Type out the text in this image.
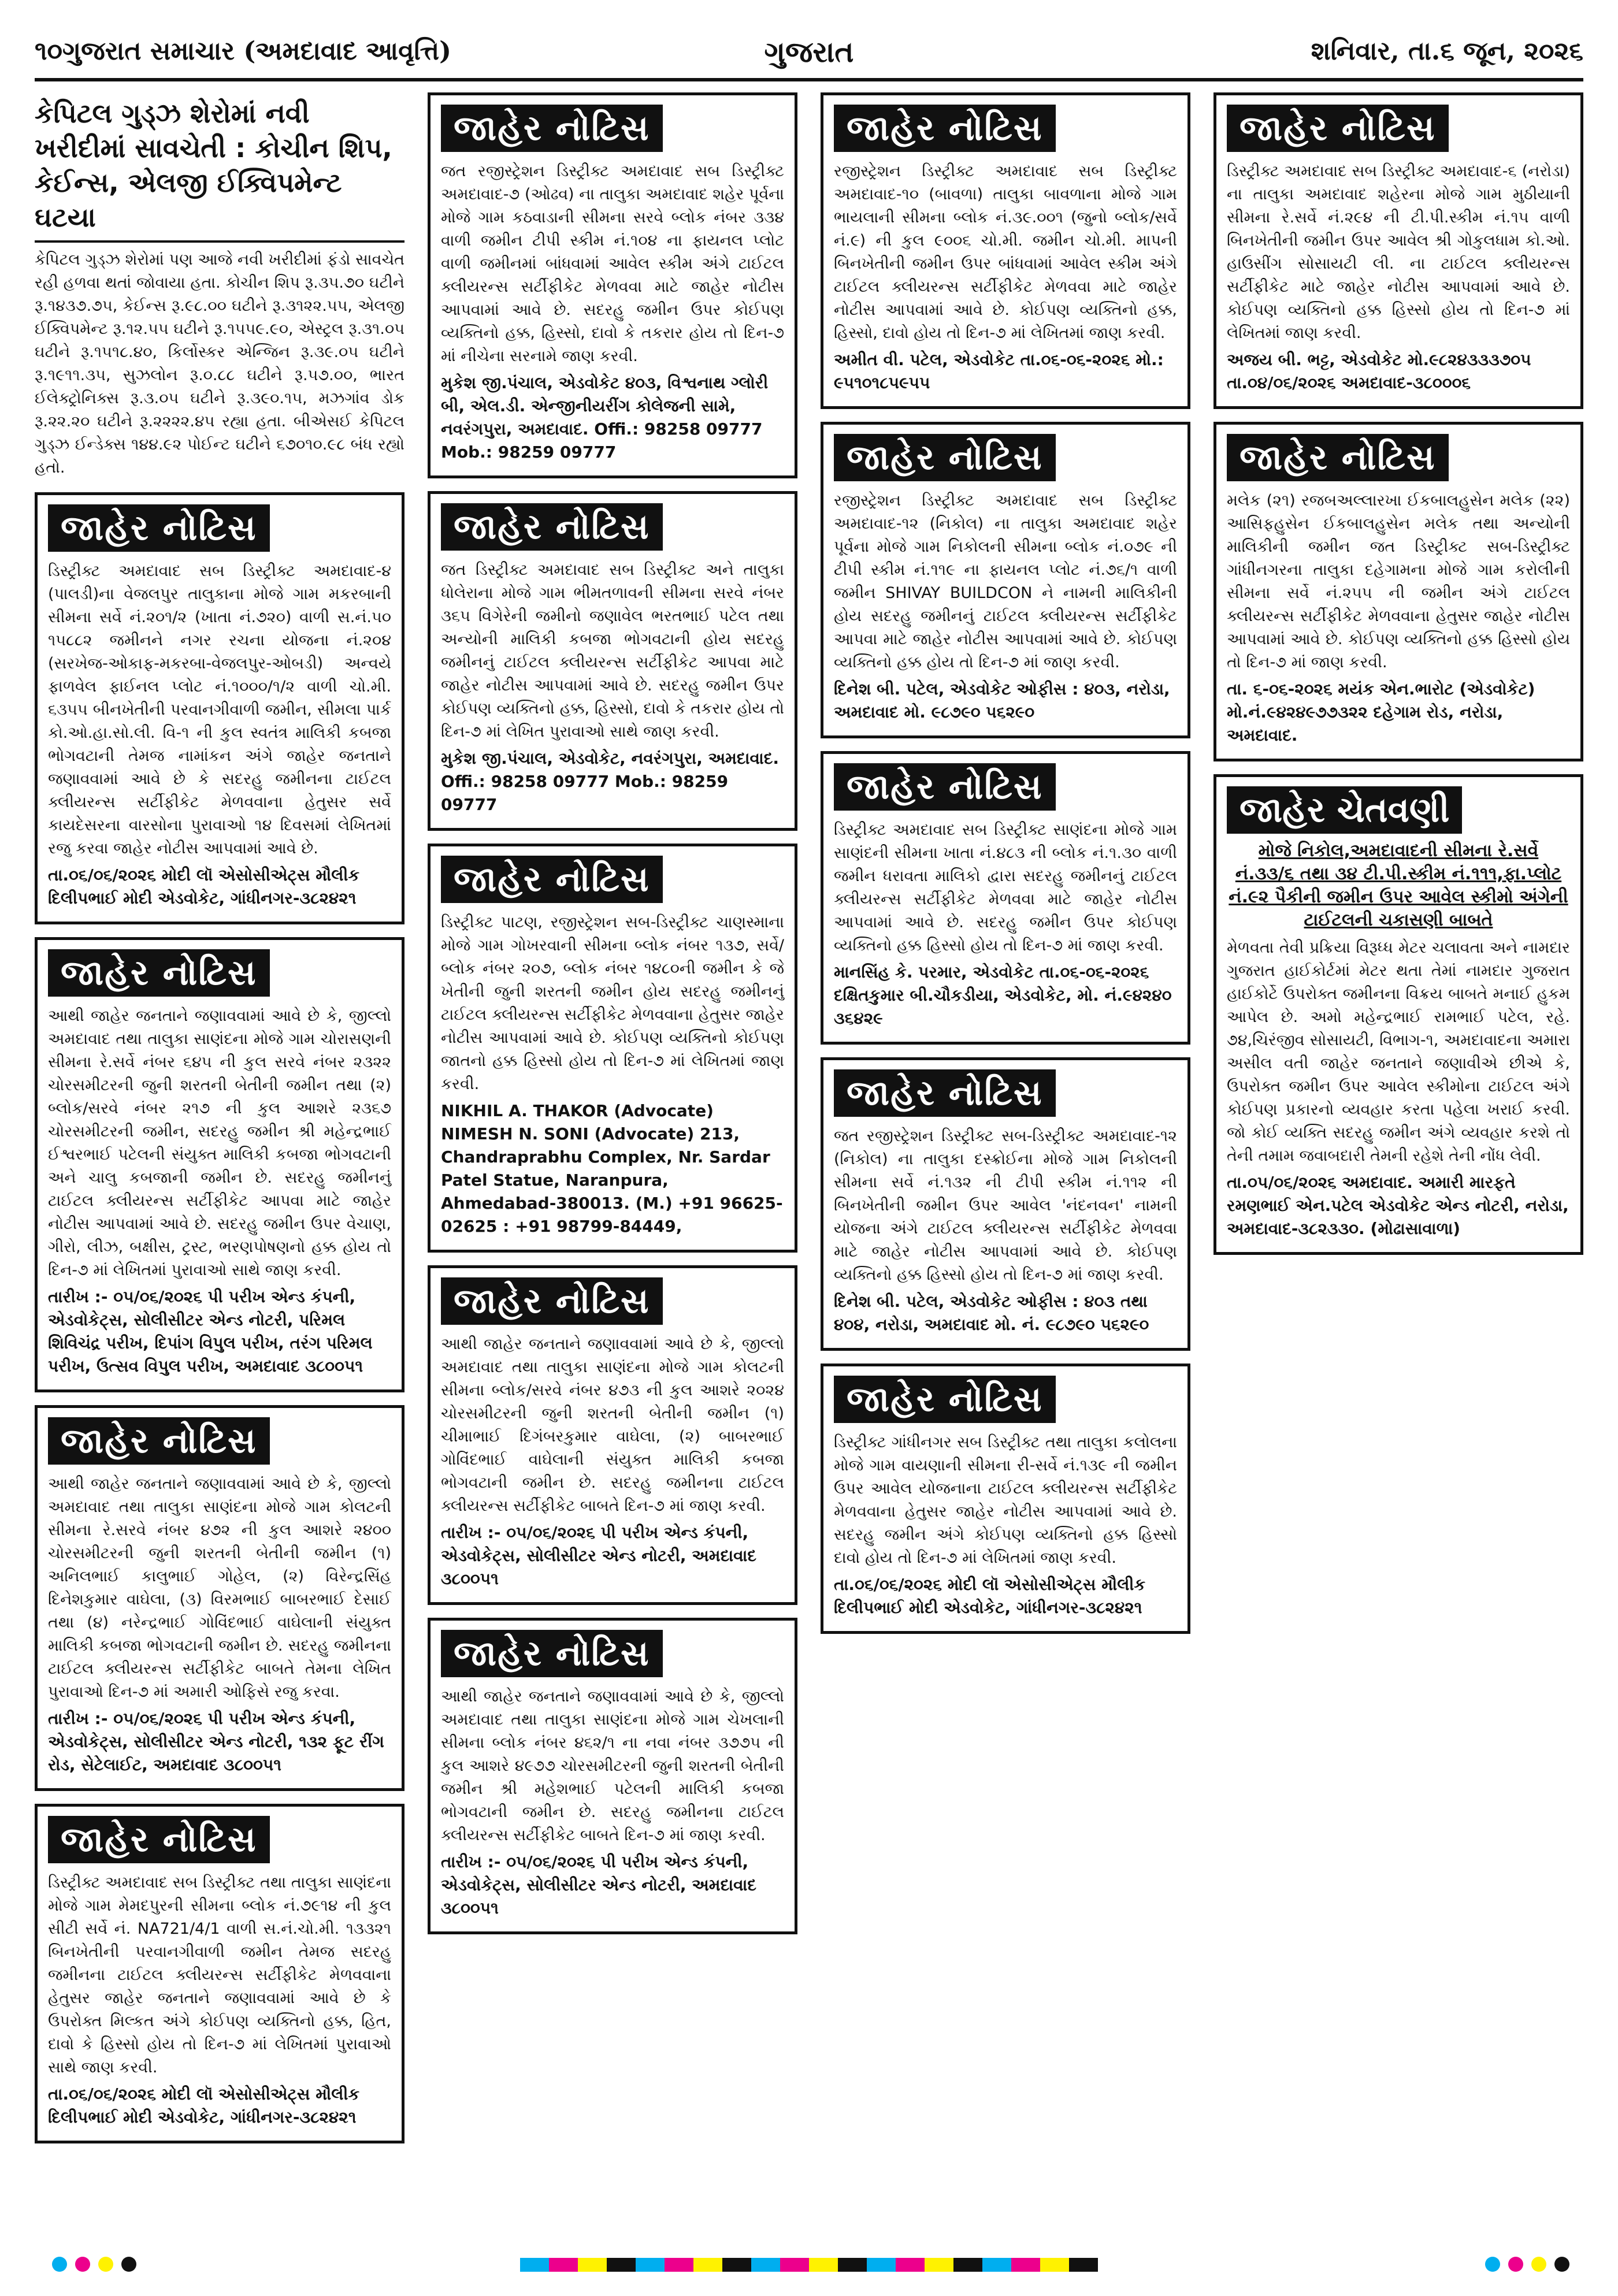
૧૦ગુજરાત સમાચાર (અમદાવાદ આવૃત્તિ)	ગુજરાત	શનિવાર, તા.૬ જૂન, ૨૦૨૬
કેપિટલ ગુડ્ઝ શેરોમાં નવી ખરીદીમાં સાવચેતી : કોચીન શિપ, કેઈન્સ, એલજી ઈક્વિપમેન્ટ ઘટયા
કેપિટલ ગુડ્ઝ શેરોમાં પણ આજે નવી ખરીદીમાં ફંડો સાવચેત રહી હળવા થતાં જોવાયા હતા. કોચીન શિપ રૂ.૩૫.૭૦ ઘટીને રૂ.૧૪૩૭.૭૫, કેઈન્સ રૂ.૯૮.૦૦ ઘટીને રૂ.૩૧૨૨.૫૫, એલજી ઈક્વિપમેન્ટ રૂ.૧૨.૫૫ ઘટીને રૂ.૧૫૫૯.૯૦, એસ્ટ્રલ રૂ.૩૧.૦૫ ઘટીને રૂ.૧૫૧૮.૪૦, કિર્લોસ્કર એન્જિન રૂ.૩૯.૦૫ ઘટીને રૂ.૧૯૧૧.૩૫, સુઝલોન રૂ.૦.૮૮ ઘટીને રૂ.૫૭.૦૦, ભારત ઈલેક્ટ્રોનિક્સ રૂ.૩.૦૫ ઘટીને રૂ.૩૯૦.૧૫, મઝગાંવ ડોક રૂ.૨૨.૨૦ ઘટીને રૂ.૨૨૨૨.૪૫ રહ્યા હતા. બીએસઈ કેપિટલ ગુડ્ઝ ઈન્ડેક્સ ૧૪૪.૯૨ પોઈન્ટ ઘટીને ૬૭૦૧૦.૯૮ બંધ રહ્યો હતો.
જાહેર નોટિસ
ડિસ્ટ્રીક્ટ અમદાવાદ સબ ડિસ્ટ્રીક્ટ અમદાવાદ-૪ (પાલડી)ના વેજલપુર તાલુકાના મોજે ગામ મકરબાની સીમના સર્વે નં.૨૦૧/૨ (ખાતા નં.૭૨૦) વાળી સ.નં.૫૦ ૧૫૮૮૨ જમીનને નગર રચના યોજના નં.૨૦૪ (સરખેજ-ઓકાફ-મકરબા-વેજલપુર-ઓબડી) અન્વયે ફાળવેલ ફાઈનલ પ્લોટ નં.૧૦૦૦/૧/૨ વાળી ચો.મી. ૬૩૫૫ બીનખેતીની પરવાનગીવાળી જમીન, સીમલા પાર્ક કો.ઓ.હા.સો.લી. વિ-૧ ની કુલ સ્વતંત્ર માલિકી કબજા ભોગવટાની તેમજ નામાંકન અંગે જાહેર જનતાને જણાવવામાં આવે છે કે સદરહુ જમીનના ટાઈટલ ક્લીયરન્સ સર્ટીફીકેટ મેળવવાના હેતુસર સર્વે કાયદેસરના વારસોના પુરાવાઓ ૧૪ દિવસમાં લેખિતમાં રજુ કરવા જાહેર નોટીસ આપવામાં આવે છે.
તા.૦૬/૦૬/૨૦૨૬ મોદી લૉ એસોસીએટ્સ મૌલીક દિલીપભાઈ મોદી એડવોકેટ, ગાંધીનગર-૩૮૨૪૨૧
જાહેર નોટિસ
આથી જાહેર જનતાને જણાવવામાં આવે છે કે, જીલ્લો અમદાવાદ તથા તાલુકા સાણંદના મોજે ગામ ચોરાસણની સીમના રે.સર્વે નંબર ૬૪૫ ની કુલ સરવે નંબર ૨૩૨૨ ચોરસમીટરની જુની શરતની બેતીની જમીન તથા (૨) બ્લોક/સરવે નંબર ૨૧૭ ની કુલ આશરે ૨૩૬૭ ચોરસમીટરની જમીન, સદરહુ જમીન શ્રી મહેન્દ્રભાઈ ઈશ્વરભાઈ પટેલની સંયુક્ત માલિકી કબજા ભોગવટાની અને ચાલુ કબજાની જમીન છે. સદરહુ જમીનનું ટાઈટલ ક્લીયરન્સ સર્ટીફીકેટ આપવા માટે જાહેર નોટીસ આપવામાં આવે છે. સદરહુ જમીન ઉપર વેચાણ, ગીરો, લીઝ, બક્ષીસ, ટ્રસ્ટ, ભરણપોષણનો હક્ક હોય તો દિન-૭ માં લેખિતમાં પુરાવાઓ સાથે જાણ કરવી.
તારીખ :- ૦૫/૦૬/૨૦૨૬ પી પરીખ એન્ડ કંપની, એડવોકેટ્સ, સોલીસીટર એન્ડ નોટરી, પરિમલ શિવિચંદ્ર પરીખ, દિપાંગ વિપુલ પરીખ, તરંગ પરિમલ પરીખ, ઉત્સવ વિપુલ પરીખ, અમદાવાદ ૩૮૦૦૫૧
જાહેર નોટિસ
આથી જાહેર જનતાને જણાવવામાં આવે છે કે, જીલ્લો અમદાવાદ તથા તાલુકા સાણંદના મોજે ગામ કોલટની સીમના રે.સરવે નંબર ૪૭૨ ની કુલ આશરે ૨૪૦૦ ચોરસમીટરની જુની શરતની બેતીની જમીન (૧) અનિલભાઈ કાલુભાઈ ગોહેલ, (૨) વિરેન્દ્રસિંહ દિનેશકુમાર વાઘેલા, (૩) વિરમભાઈ બાબરભાઈ દેસાઈ તથા (૪) નરેન્દ્રભાઈ ગોવિંદભાઈ વાઘેલાની સંયુક્ત માલિકી કબજા ભોગવટાની જમીન છે. સદરહુ જમીનના ટાઈટલ ક્લીયરન્સ સર્ટીફીકેટ બાબતે તેમના લેખિત પુરાવાઓ દિન-૭ માં અમારી ઓફિસે રજુ કરવા.
તારીખ :- ૦૫/૦૬/૨૦૨૬ પી પરીખ એન્ડ કંપની, એડવોકેટ્સ, સોલીસીટર એન્ડ નોટરી, ૧૩૨ ફૂટ રીંગ રોડ, સેટેલાઈટ, અમદાવાદ ૩૮૦૦૫૧
જાહેર નોટિસ
ડિસ્ટ્રીક્ટ અમદાવાદ સબ ડિસ્ટ્રીક્ટ તથા તાલુકા સાણંદના મોજે ગામ મેમદપુરની સીમના બ્લોક નં.૭૯૧૪ ની કુલ સીટી સર્વે નં. NA721/4/1 વાળી સ.નં.ચો.મી. ૧૩૩૨૧ બિનખેતીની પરવાનગીવાળી જમીન તેમજ સદરહુ જમીનના ટાઈટલ ક્લીયરન્સ સર્ટીફીકેટ મેળવવાના હેતુસર જાહેર જનતાને જણાવવામાં આવે છે કે ઉપરોક્ત મિલ્કત અંગે કોઈપણ વ્યક્તિનો હક્ક, હિત, દાવો કે હિસ્સો હોય તો દિન-૭ માં લેખિતમાં પુરાવાઓ સાથે જાણ કરવી.
તા.૦૬/૦૬/૨૦૨૬ મોદી લૉ એસોસીએટ્સ મૌલીક દિલીપભાઈ મોદી એડવોકેટ, ગાંધીનગર-૩૮૨૪૨૧
જાહેર નોટિસ
જત રજીસ્ટ્રેશન ડિસ્ટ્રીક્ટ અમદાવાદ સબ ડિસ્ટ્રીક્ટ અમદાવાદ-૭ (ઓઢવ) ના તાલુકા અમદાવાદ શહેર પૂર્વના મોજે ગામ કઠવાડાની સીમના સરવે બ્લોક નંબર ૩૩૪ વાળી જમીન ટીપી સ્કીમ નં.૧૦૪ ના ફાયનલ પ્લોટ વાળી જમીનમાં બાંધવામાં આવેલ સ્કીમ અંગે ટાઈટલ ક્લીયરન્સ સર્ટીફીકેટ મેળવવા માટે જાહેર નોટીસ આપવામાં આવે છે. સદરહુ જમીન ઉપર કોઈપણ વ્યક્તિનો હક્ક, હિસ્સો, દાવો કે તકરાર હોય તો દિન-૭ માં નીચેના સરનામે જાણ કરવી.
મુકેશ જી.પંચાલ, એડવોકેટ ૪૦૩, વિશ્વનાથ ગ્લોરી બી, એલ.ડી. એન્જીનીયરીંગ કોલેજની સામે, નવરંગપુરા, અમદાવાદ. Offi.: 98258 09777 Mob.: 98259 09777
જાહેર નોટિસ
જત ડિસ્ટ્રીક્ટ અમદાવાદ સબ ડિસ્ટ્રીક્ટ અને તાલુકા ધોલેરાના મોજે ગામ ભીમતળાવની સીમના સરવે નંબર ૩૬૫ વિગેરેની જમીનો જણાવેલ ભરતભાઈ પટેલ તથા અન્યોની માલિકી કબજા ભોગવટાની હોય સદરહુ જમીનનું ટાઈટલ ક્લીયરન્સ સર્ટીફીકેટ આપવા માટે જાહેર નોટીસ આપવામાં આવે છે. સદરહુ જમીન ઉપર કોઈપણ વ્યક્તિનો હક્ક, હિસ્સો, દાવો કે તકરાર હોય તો દિન-૭ માં લેખિત પુરાવાઓ સાથે જાણ કરવી.
મુકેશ જી.પંચાલ, એડવોકેટ, નવરંગપુરા, અમદાવાદ. Offi.: 98258 09777 Mob.: 98259 09777
જાહેર નોટિસ
ડિસ્ટ્રીક્ટ પાટણ, રજીસ્ટ્રેશન સબ-ડિસ્ટ્રીક્ટ ચાણસ્માના મોજે ગામ ગોખરવાની સીમના બ્લોક નંબર ૧૩૭, સર્વે/બ્લોક નંબર ૨૦૭, બ્લોક નંબર ૧૪૮૦ની જમીન કે જે ખેતીની જુની શરતની જમીન હોય સદરહુ જમીનનું ટાઈટલ ક્લીયરન્સ સર્ટીફીકેટ મેળવવાના હેતુસર જાહેર નોટીસ આપવામાં આવે છે. કોઈપણ વ્યક્તિનો કોઈપણ જાતનો હક્ક હિસ્સો હોય તો દિન-૭ માં લેખિતમાં જાણ કરવી.
NIKHIL A. THAKOR (Advocate) NIMESH N. SONI (Advocate) 213, Chandraprabhu Complex, Nr. Sardar Patel Statue, Naranpura, Ahmedabad-380013. (M.) +91 96625-02625 : +91 98799-84449,
જાહેર નોટિસ
આથી જાહેર જનતાને જણાવવામાં આવે છે કે, જીલ્લો અમદાવાદ તથા તાલુકા સાણંદના મોજે ગામ કોલટની સીમના બ્લોક/સરવે નંબર ૪૭૩ ની કુલ આશરે ૨૦૨૪ ચોરસમીટરની જુની શરતની બેતીની જમીન (૧) ચીમાભાઈ દિગંબરકુમાર વાઘેલા, (૨) બાબરભાઈ ગોવિંદભાઈ વાઘેલાની સંયુક્ત માલિકી કબજા ભોગવટાની જમીન છે. સદરહુ જમીનના ટાઈટલ ક્લીયરન્સ સર્ટીફીકેટ બાબતે દિન-૭ માં જાણ કરવી.
તારીખ :- ૦૫/૦૬/૨૦૨૬ પી પરીખ એન્ડ કંપની, એડવોકેટ્સ, સોલીસીટર એન્ડ નોટરી, અમદાવાદ ૩૮૦૦૫૧
જાહેર નોટિસ
આથી જાહેર જનતાને જણાવવામાં આવે છે કે, જીલ્લો અમદાવાદ તથા તાલુકા સાણંદના મોજે ગામ ચેખલાની સીમના બ્લોક નંબર ૪૬૨/૧ ના નવા નંબર ૩૭૭૫ ની કુલ આશરે ૪૯૭૭ ચોરસમીટરની જુની શરતની બેતીની જમીન શ્રી મહેશભાઈ પટેલની માલિકી કબજા ભોગવટાની જમીન છે. સદરહુ જમીનના ટાઈટલ ક્લીયરન્સ સર્ટીફીકેટ બાબતે દિન-૭ માં જાણ કરવી.
તારીખ :- ૦૫/૦૬/૨૦૨૬ પી પરીખ એન્ડ કંપની, એડવોકેટ્સ, સોલીસીટર એન્ડ નોટરી, અમદાવાદ ૩૮૦૦૫૧
જાહેર નોટિસ
રજીસ્ટ્રેશન ડિસ્ટ્રીક્ટ અમદાવાદ સબ ડિસ્ટ્રીક્ટ અમદાવાદ-૧૦ (બાવળા) તાલુકા બાવળાના મોજે ગામ ભાયલાની સીમના બ્લોક નં.૩૯.૦૦૧ (જુનો બ્લોક/સર્વે નં.૯) ની કુલ ૯૦૦૬ ચો.મી. જમીન ચો.મી. માપની બિનખેતીની જમીન ઉપર બાંધવામાં આવેલ સ્કીમ અંગે ટાઈટલ ક્લીયરન્સ સર્ટીફીકેટ મેળવવા માટે જાહેર નોટીસ આપવામાં આવે છે. કોઈપણ વ્યક્તિનો હક્ક, હિસ્સો, દાવો હોય તો દિન-૭ માં લેખિતમાં જાણ કરવી.
અમીત વી. પટેલ, એડવોકેટ તા.૦૬-૦૬-૨૦૨૬ મો.: ૯૫૧૦૧૮૫૯૫૫
જાહેર નોટિસ
રજીસ્ટ્રેશન ડિસ્ટ્રીક્ટ અમદાવાદ સબ ડિસ્ટ્રીક્ટ અમદાવાદ-૧૨ (નિકોલ) ના તાલુકા અમદાવાદ શહેર પૂર્વના મોજે ગામ નિકોલની સીમના બ્લોક નં.૦૭૯ ની ટીપી સ્કીમ નં.૧૧૯ ના ફાયનલ પ્લોટ નં.૭૬/૧ વાળી જમીન SHIVAY BUILDCON ને નામની માલિકીની હોય સદરહુ જમીનનું ટાઈટલ ક્લીયરન્સ સર્ટીફીકેટ આપવા માટે જાહેર નોટીસ આપવામાં આવે છે. કોઈપણ વ્યક્તિનો હક્ક હોય તો દિન-૭ માં જાણ કરવી.
દિનેશ બી. પટેલ, એડવોકેટ ઓફીસ : ૪૦૩, નરોડા, અમદાવાદ મો. ૯૮૭૯૦ ૫૬૨૯૦
જાહેર નોટિસ
ડિસ્ટ્રીક્ટ અમદાવાદ સબ ડિસ્ટ્રીક્ટ સાણંદના મોજે ગામ સાણંદની સીમના ખાતા નં.૪૮૩ ની બ્લોક નં.૧.૩૦ વાળી જમીન ધરાવતા માલિકો દ્વારા સદરહુ જમીનનું ટાઈટલ ક્લીયરન્સ સર્ટીફીકેટ મેળવવા માટે જાહેર નોટીસ આપવામાં આવે છે. સદરહુ જમીન ઉપર કોઈપણ વ્યક્તિનો હક્ક હિસ્સો હોય તો દિન-૭ માં જાણ કરવી.
માનસિંહ કે. પરમાર, એડવોકેટ તા.૦૬-૦૬-૨૦૨૬ દક્ષિતકુમાર બી.ચૌકડીયા, એડવોકેટ, મો. નં.૯૪૨૪૦ ૩૬૪૨૯
જાહેર નોટિસ
જત રજીસ્ટ્રેશન ડિસ્ટ્રીક્ટ સબ-ડિસ્ટ્રીક્ટ અમદાવાદ-૧૨ (નિકોલ) ના તાલુકા દસ્ક્રોઈના મોજે ગામ નિકોલની સીમના સર્વે નં.૧૩૨ ની ટીપી સ્કીમ નં.૧૧૨ ની બિનખેતીની જમીન ઉપર આવેલ 'નંદનવન' નામની યોજના અંગે ટાઈટલ ક્લીયરન્સ સર્ટીફીકેટ મેળવવા માટે જાહેર નોટીસ આપવામાં આવે છે. કોઈપણ વ્યક્તિનો હક્ક હિસ્સો હોય તો દિન-૭ માં જાણ કરવી.
દિનેશ બી. પટેલ, એડવોકેટ ઓફીસ : ૪૦૩ તથા ૪૦૪, નરોડા, અમદાવાદ મો. નં. ૯૮૭૯૦ ૫૬૨૯૦
જાહેર નોટિસ
ડિસ્ટ્રીક્ટ ગાંધીનગર સબ ડિસ્ટ્રીક્ટ તથા તાલુકા કલોલના મોજે ગામ વાયણાની સીમના રી-સર્વે નં.૧૩૯ ની જમીન ઉપર આવેલ યોજનાના ટાઈટલ ક્લીયરન્સ સર્ટીફીકેટ મેળવવાના હેતુસર જાહેર નોટીસ આપવામાં આવે છે. સદરહુ જમીન અંગે કોઈપણ વ્યક્તિનો હક્ક હિસ્સો દાવો હોય તો દિન-૭ માં લેખિતમાં જાણ કરવી.
તા.૦૬/૦૬/૨૦૨૬ મોદી લૉ એસોસીએટ્સ મૌલીક દિલીપભાઈ મોદી એડવોકેટ, ગાંધીનગર-૩૮૨૪૨૧
જાહેર નોટિસ
ડિસ્ટ્રીક્ટ અમદાવાદ સબ ડિસ્ટ્રીક્ટ અમદાવાદ-૬ (નરોડા) ના તાલુકા અમદાવાદ શહેરના મોજે ગામ મુઠીયાની સીમના રે.સર્વે નં.૨૯૪ ની ટી.પી.સ્કીમ નં.૧૫ વાળી બિનખેતીની જમીન ઉપર આવેલ શ્રી ગોકુલધામ કો.ઓ. હાઉસીંગ સોસાયટી લી. ના ટાઈટલ ક્લીયરન્સ સર્ટીફીકેટ માટે જાહેર નોટીસ આપવામાં આવે છે. કોઈપણ વ્યક્તિનો હક્ક હિસ્સો હોય તો દિન-૭ માં લેખિતમાં જાણ કરવી.
અજય બી. ભટ્ટ, એડવોકેટ મો.૯૮૨૪૩૩૩૭૦૫ તા.૦૪/૦૬/૨૦૨૬ અમદાવાદ-૩૮૦૦૦૬
જાહેર નોટિસ
મલેક (૨૧) રજબઅલ્લારખા ઈકબાલહુસેન મલેક (૨૨) આસિફહુસેન ઈકબાલહુસેન મલેક તથા અન્યોની માલિકીની જમીન જત ડિસ્ટ્રીક્ટ સબ-ડિસ્ટ્રીક્ટ ગાંધીનગરના તાલુકા દહેગામના મોજે ગામ કરોલીની સીમના સર્વે નં.૨૫૫ ની જમીન અંગે ટાઈટલ ક્લીયરન્સ સર્ટીફીકેટ મેળવવાના હેતુસર જાહેર નોટીસ આપવામાં આવે છે. કોઈપણ વ્યક્તિનો હક્ક હિસ્સો હોય તો દિન-૭ માં જાણ કરવી.
તા. ૬-૦૬-૨૦૨૬ મયંક એન.ભારોટ (એડવોકેટ) મો.નં.૯૪૨૪૯૭૭૩૨૨ દહેગામ રોડ, નરોડા, અમદાવાદ.
જાહેર ચેતવણી
મોજે નિકોલ,અમદાવાદની સીમના રે.સર્વે નં.૩૩/૬ તથા ૩૪ ટી.પી.સ્કીમ નં.૧૧૧,ફા.પ્લોટ નં.૯૨ પૈકીની જમીન ઉપર આવેલ સ્કીમો અંગેની ટાઈટલની ચકાસણી બાબતે
મેળવતા તેવી પ્રક્રિયા વિરૂધ્ધ મેટર ચલાવતા અને નામદાર ગુજરાત હાઈકોર્ટમાં મેટર થતા તેમાં નામદાર ગુજરાત હાઈકોર્ટે ઉપરોક્ત જમીનના વિક્રય બાબતે મનાઈ હુકમ આપેલ છે. અમો મહેન્દ્રભાઈ રામભાઈ પટેલ, રહે. ૭૪,ચિરંજીવ સોસાયટી, વિભાગ-૧, અમદાવાદના અમારા અસીલ વતી જાહેર જનતાને જણાવીએ છીએ કે, ઉપરોક્ત જમીન ઉપર આવેલ સ્કીમોના ટાઈટલ અંગે કોઈપણ પ્રકારનો વ્યવહાર કરતા પહેલા ખરાઈ કરવી. જો કોઈ વ્યક્તિ સદરહુ જમીન અંગે વ્યવહાર કરશે તો તેની તમામ જવાબદારી તેમની રહેશે તેની નોંધ લેવી.
તા.૦૫/૦૬/૨૦૨૬ અમદાવાદ. અમારી મારફતે રમણભાઈ એન.પટેલ એડવોકેટ એન્ડ નોટરી, નરોડા, અમદાવાદ-૩૮૨૩૩૦. (મોઢાસાવાળા)
